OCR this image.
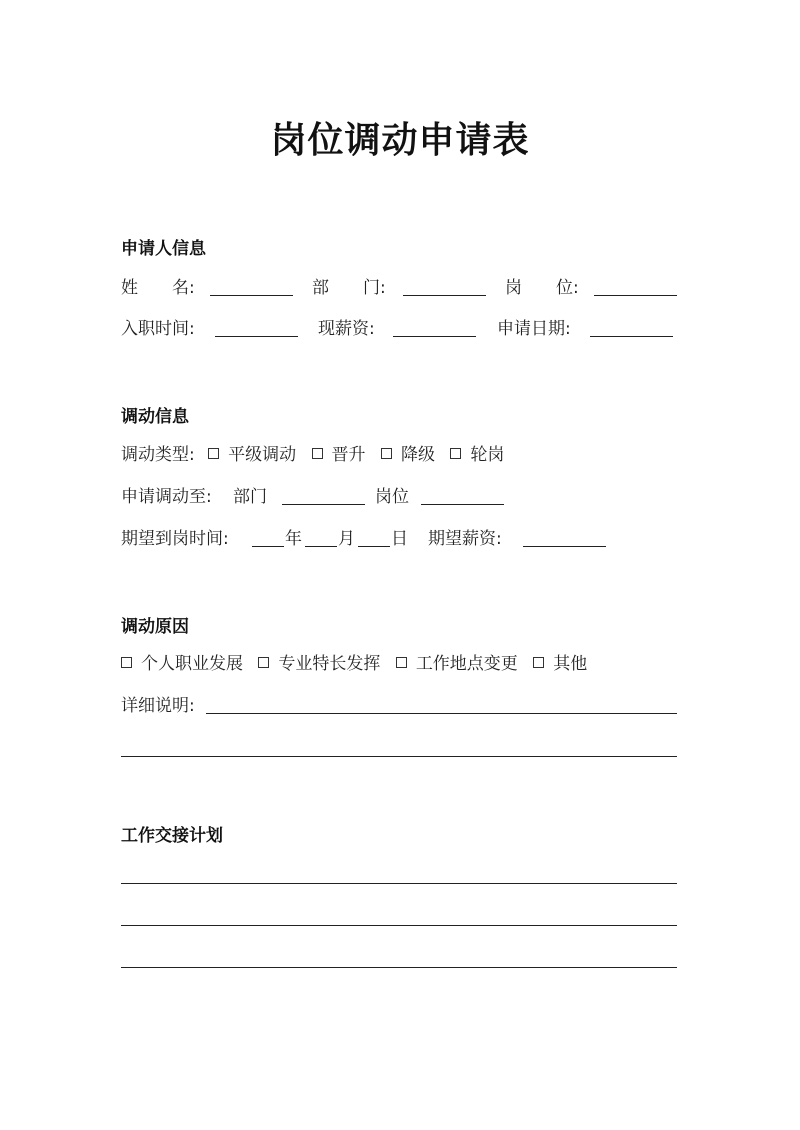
岗位调动申请表
申请人信息
姓　　名:	部　　门:	岗　　位:
入职时间:	现薪资:	申请日期:
调动信息
调动类型: 平级调动 晋升 降级 轮岗
申请调动至: 部门	岗位
期望到岗时间:	年 月 日 期望薪资:
调动原因
个人职业发展 专业特长发挥 工作地点变更 其他
详细说明:
工作交接计划
